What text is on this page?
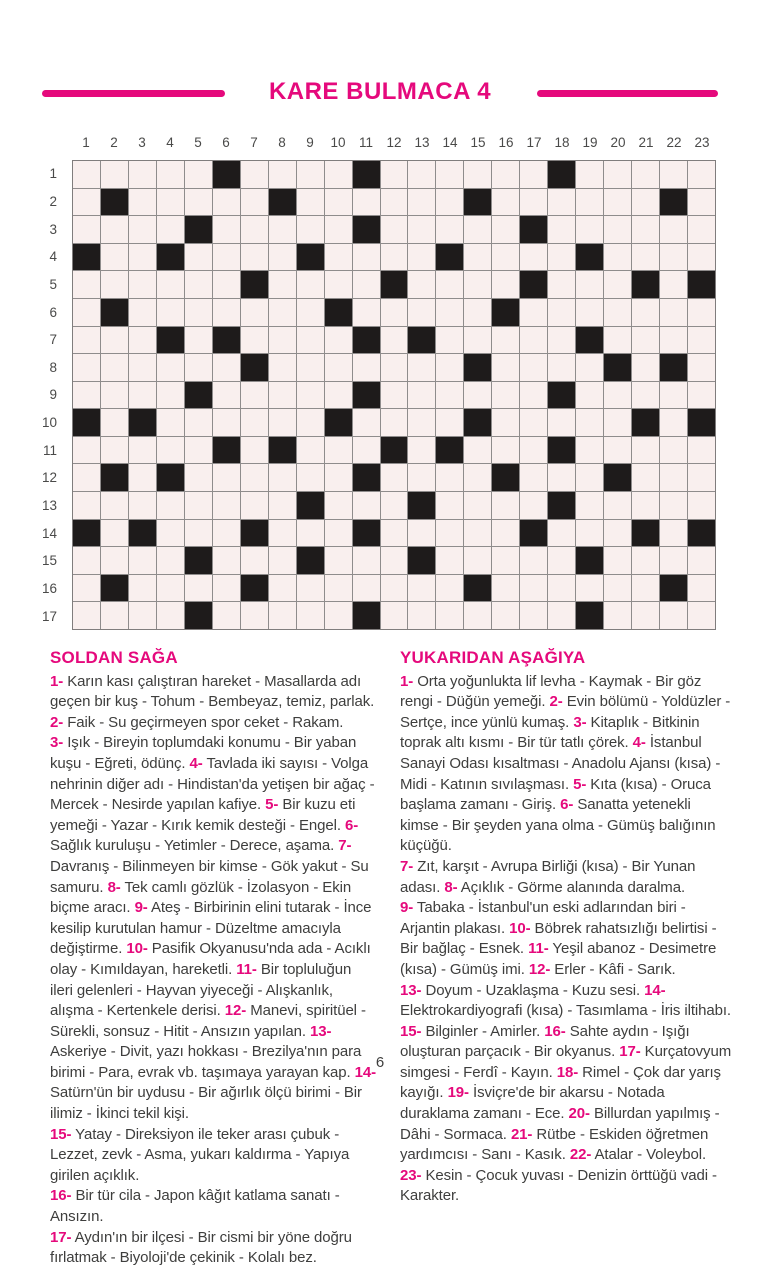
KARE BULMACA 4
1	2	3	4	5	6	7	8	9	10 11 12 13 14 15 16 17 18 19 20 21 22 23
1
2
3
4
5
6
7
8
9
10
11
12
13
14
15
16
17
SOLDAN SAĞA
1- Karın kası çalıştıran hareket - Masallarda adı geçen bir kuş - Tohum - Bembeyaz, temiz, parlak.
2- Faik - Su geçirmeyen spor ceket - Rakam.
3- Işık - Bireyin toplumdaki konumu - Bir yaban kuşu - Eğreti, ödünç. 4- Tavlada iki sayısı - Volga nehrinin diğer adı - Hindistan'da yetişen bir ağaç - Mercek - Nesirde yapılan kafiye. 5- Bir kuzu eti yemeği - Yazar - Kırık kemik desteği - Engel. 6- Sağlık kuruluşu - Yetimler - Derece, aşama. 7- Davranış - Bilinmeyen bir kimse - Gök yakut - Su samuru. 8- Tek camlı gözlük - İzolasyon - Ekin biçme aracı. 9- Ateş - Birbirinin elini tutarak - İnce kesilip kurutulan hamur - Düzeltme amacıyla değiştirme. 10- Pasifik Okyanusu'nda ada - Acıklı olay - Kımıldayan, hareketli. 11- Bir topluluğun ileri gelenleri - Hayvan yiyeceği - Alışkanlık, alışma - Kertenkele derisi. 12- Manevi, spiritüel - Sürekli, sonsuz - Hitit - Ansızın yapılan. 13- Askeriye - Divit, yazı hokkası - Brezilya'nın para birimi - Para, evrak vb. taşımaya yarayan kap. 14- Satürn'ün bir uydusu - Bir ağırlık ölçü birimi - Bir ilimiz - İkinci tekil kişi.
15- Yatay - Direksiyon ile teker arası çubuk - Lezzet, zevk - Asma, yukarı kaldırma - Yapıya girilen açıklık.
16- Bir tür cila - Japon kâğıt katlama sanatı - Ansızın.
17- Aydın'ın bir ilçesi - Bir cismi bir yöne doğru fırlatmak - Biyoloji'de çekinik - Kolalı bez.
YUKARIDAN AŞAĞIYA
1- Orta yoğunlukta lif levha - Kaymak - Bir göz rengi - Düğün yemeği. 2- Evin bölümü - Yoldüzler - Sertçe, ince yünlü kumaş. 3- Kitaplık - Bitkinin toprak altı kısmı - Bir tür tatlı çörek. 4- İstanbul Sanayi Odası kısaltması - Anadolu Ajansı (kısa) - Midi - Katının sıvılaşması. 5- Kıta (kısa) - Oruca başlama zamanı - Giriş. 6- Sanatta yetenekli kimse - Bir şeyden yana olma - Gümüş balığının küçüğü.
7- Zıt, karşıt - Avrupa Birliği (kısa) - Bir Yunan adası. 8- Açıklık - Görme alanında daralma.
9- Tabaka - İstanbul'un eski adlarından biri - Arjantin plakası. 10- Böbrek rahatsızlığı belirtisi - Bir bağlaç - Esnek. 11- Yeşil abanoz - Desimetre (kısa) - Gümüş imi. 12- Erler - Kâfi - Sarık.
13- Doyum - Uzaklaşma - Kuzu sesi. 14- Elektrokardiyografi (kısa) - Tasımlama - İris iltihabı.
15- Bilginler - Amirler. 16- Sahte aydın - Işığı oluşturan parçacık - Bir okyanus. 17- Kurçatovyum simgesi - Ferdî - Kayın. 18- Rimel - Çok dar yarış kayığı. 19- İsviçre'de bir akarsu - Notada duraklama zamanı - Ece. 20- Billurdan yapılmış - Dâhi - Sormaca. 21- Rütbe - Eskiden öğretmen yardımcısı - Sanı - Kasık. 22- Atalar - Voleybol.
23- Kesin - Çocuk yuvası - Denizin örttüğü vadi - Karakter.
6
